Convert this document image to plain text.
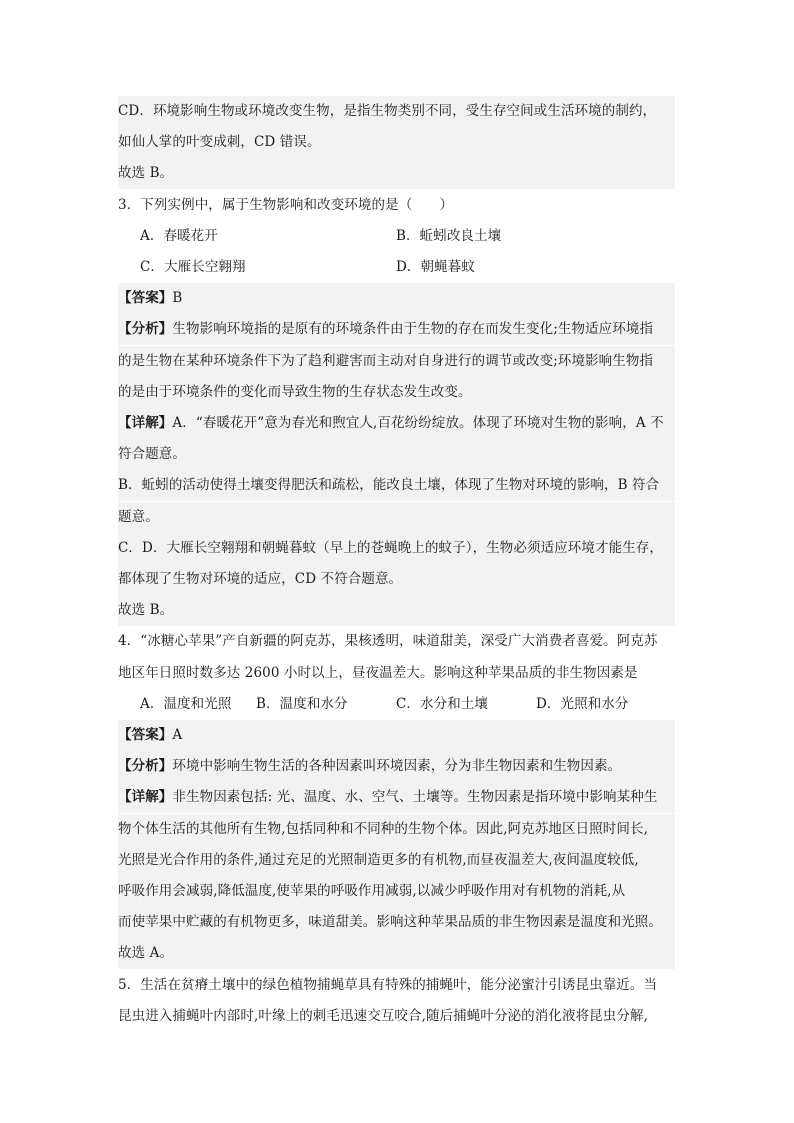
CD．环境影响生物或环境改变生物，是指生物类别不同，受生存空间或生活环境的制约，
如仙人掌的叶变成刺，CD 错误。
故选 B。
3．下列实例中，属于生物影响和改变环境的是（　　）
A．春暖花开	B．蚯蚓改良土壤
C．大雁长空翱翔	D．朝蝇暮蚊
【答案】B
【分析】生物影响环境指的是原有的环境条件由于生物的存在而发生变化;生物适应环境指
的是生物在某种环境条件下为了趋利避害而主动对自身进行的调节或改变;环境影响生物指
的是由于环境条件的变化而导致生物的生存状态发生改变。
【详解】A．“春暖花开”意为春光和煦宜人,百花纷纷绽放。体现了环境对生物的影响，A 不
符合题意。
B．蚯蚓的活动使得土壤变得肥沃和疏松，能改良土壤，体现了生物对环境的影响，B 符合
题意。
C．D．大雁长空翱翔和朝蝇暮蚊（早上的苍蝇晚上的蚊子），生物必须适应环境才能生存，
都体现了生物对环境的适应，CD 不符合题意。
故选 B。
4．“冰糖心苹果”产自新疆的阿克苏，果核透明，味道甜美，深受广大消费者喜爱。阿克苏
地区年日照时数多达 2600 小时以上，昼夜温差大。影响这种苹果品质的非生物因素是
A．温度和光照 B．温度和水分	C．水分和土壤	D．光照和水分
【答案】A
【分析】环境中影响生物生活的各种因素叫环境因素，分为非生物因素和生物因素。
【详解】非生物因素包括: 光、温度、水、空气、土壤等。生物因素是指环境中影响某种生
物个体生活的其他所有生物,包括同种和不同种的生物个体。因此,阿克苏地区日照时间长,
光照是光合作用的条件,通过充足的光照制造更多的有机物,而昼夜温差大,夜间温度较低,
呼吸作用会减弱,降低温度,使苹果的呼吸作用减弱,以减少呼吸作用对有机物的消耗,从
而使苹果中贮藏的有机物更多，味道甜美。影响这种苹果品质的非生物因素是温度和光照。
故选 A。
5．生活在贫瘠土壤中的绿色植物捕蝇草具有特殊的捕蝇叶，能分泌蜜汁引诱昆虫靠近。当
昆虫进入捕蝇叶内部时,叶缘上的刺毛迅速交互咬合,随后捕蝇叶分泌的消化液将昆虫分解,
